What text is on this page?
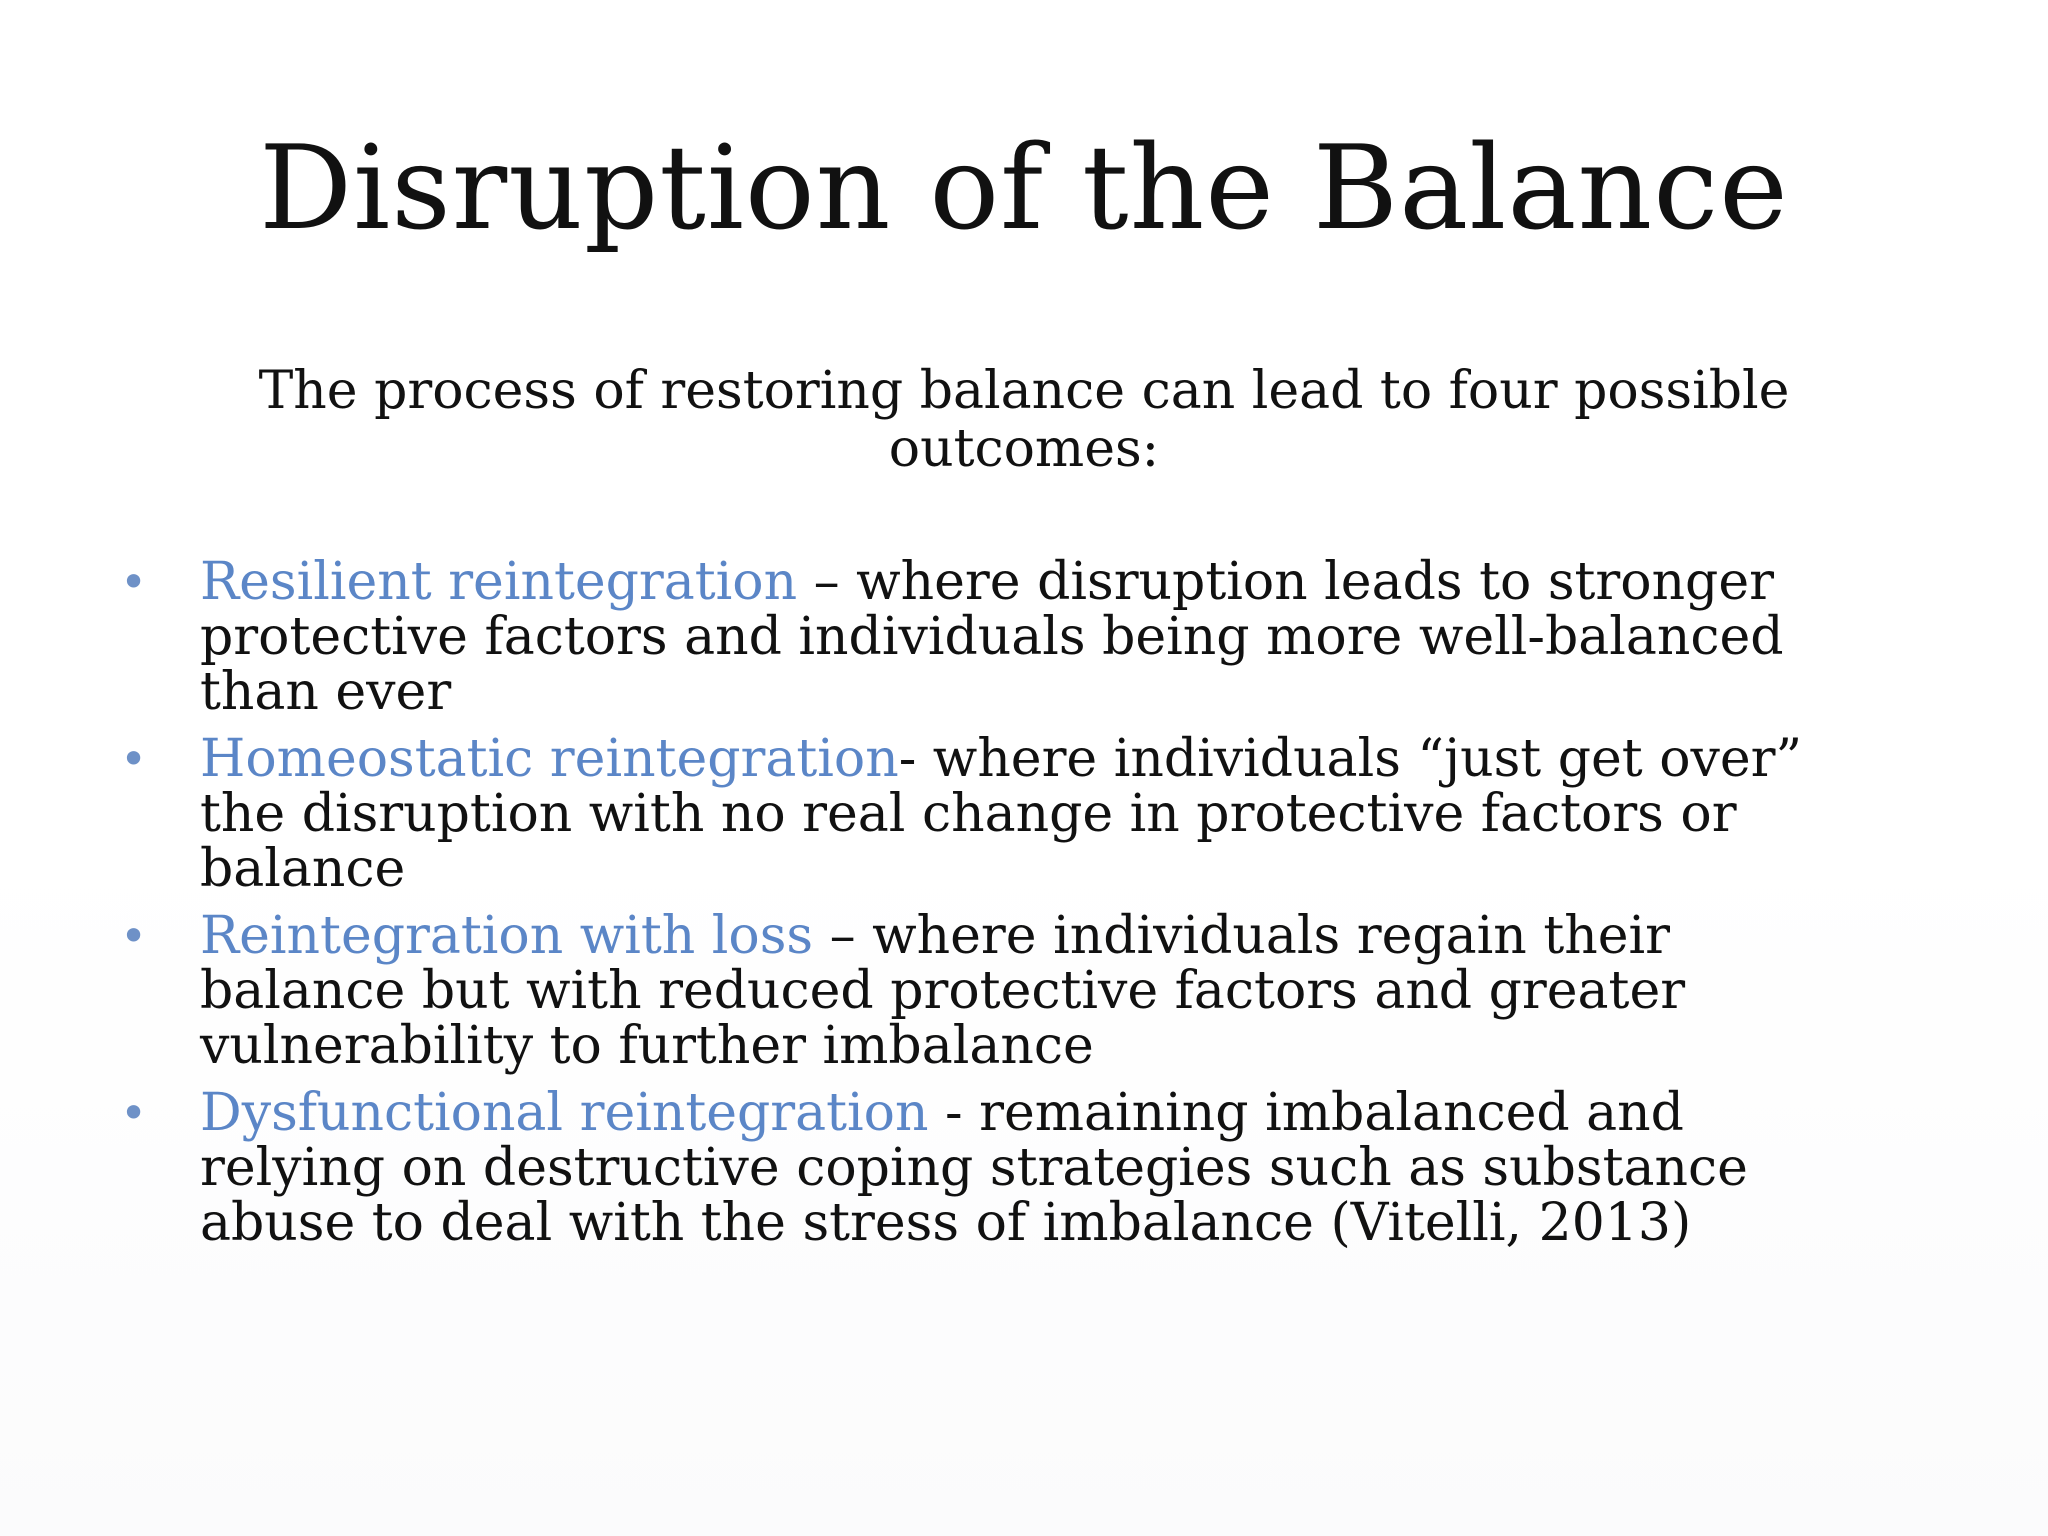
Disruption of the Balance

The process of restoring balance can lead to four possible outcomes:

• Resilient reintegration – where disruption leads to stronger protective factors and individuals being more well-balanced than ever
• Homeostatic reintegration- where individuals “just get over” the disruption with no real change in protective factors or balance
• Reintegration with loss – where individuals regain their balance but with reduced protective factors and greater vulnerability to further imbalance
• Dysfunctional reintegration - remaining imbalanced and relying on destructive coping strategies such as substance abuse to deal with the stress of imbalance (Vitelli, 2013)
